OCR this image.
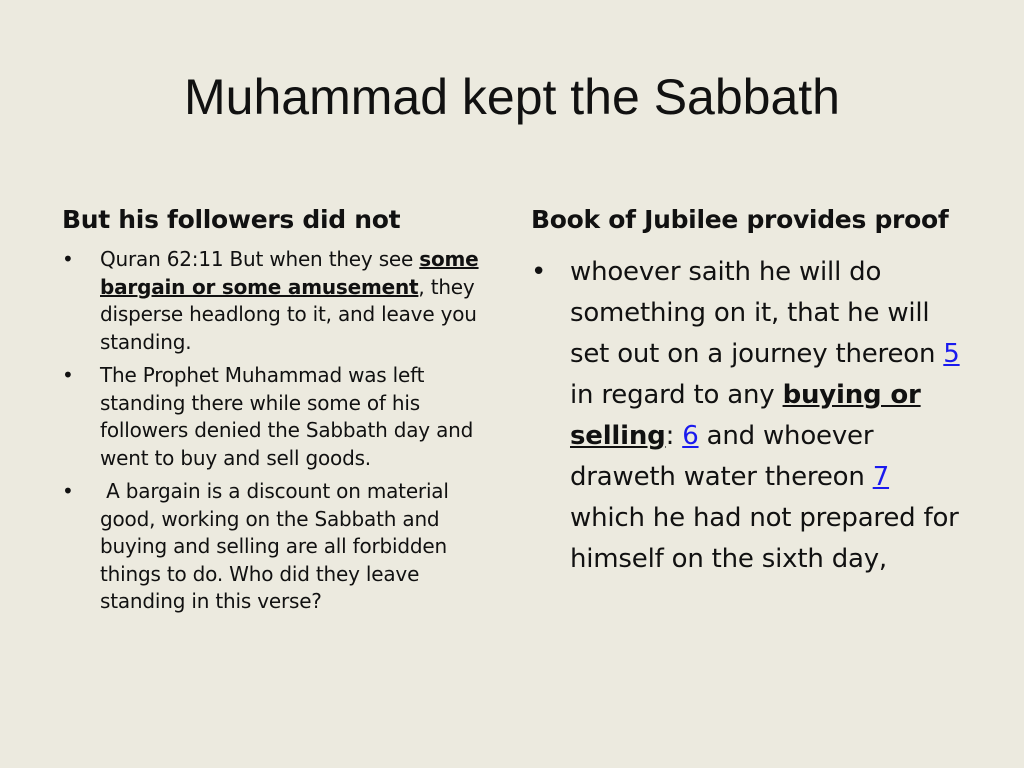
Muhammad kept the Sabbath
But his followers did not
• Quran 62:11 But when they see some bargain or some amusement, they disperse headlong to it, and leave you standing.
• The Prophet Muhammad was left standing there while some of his followers denied the Sabbath day and went to buy and sell goods.
• A bargain is a discount on material good, working on the Sabbath and buying and selling are all forbidden things to do. Who did they leave standing in this verse?
Book of Jubilee provides proof
• whoever saith he will do something on it, that he will set out on a journey thereon 5 in regard to any buying or selling: 6 and whoever draweth water thereon 7 which he had not prepared for himself on the sixth day,
